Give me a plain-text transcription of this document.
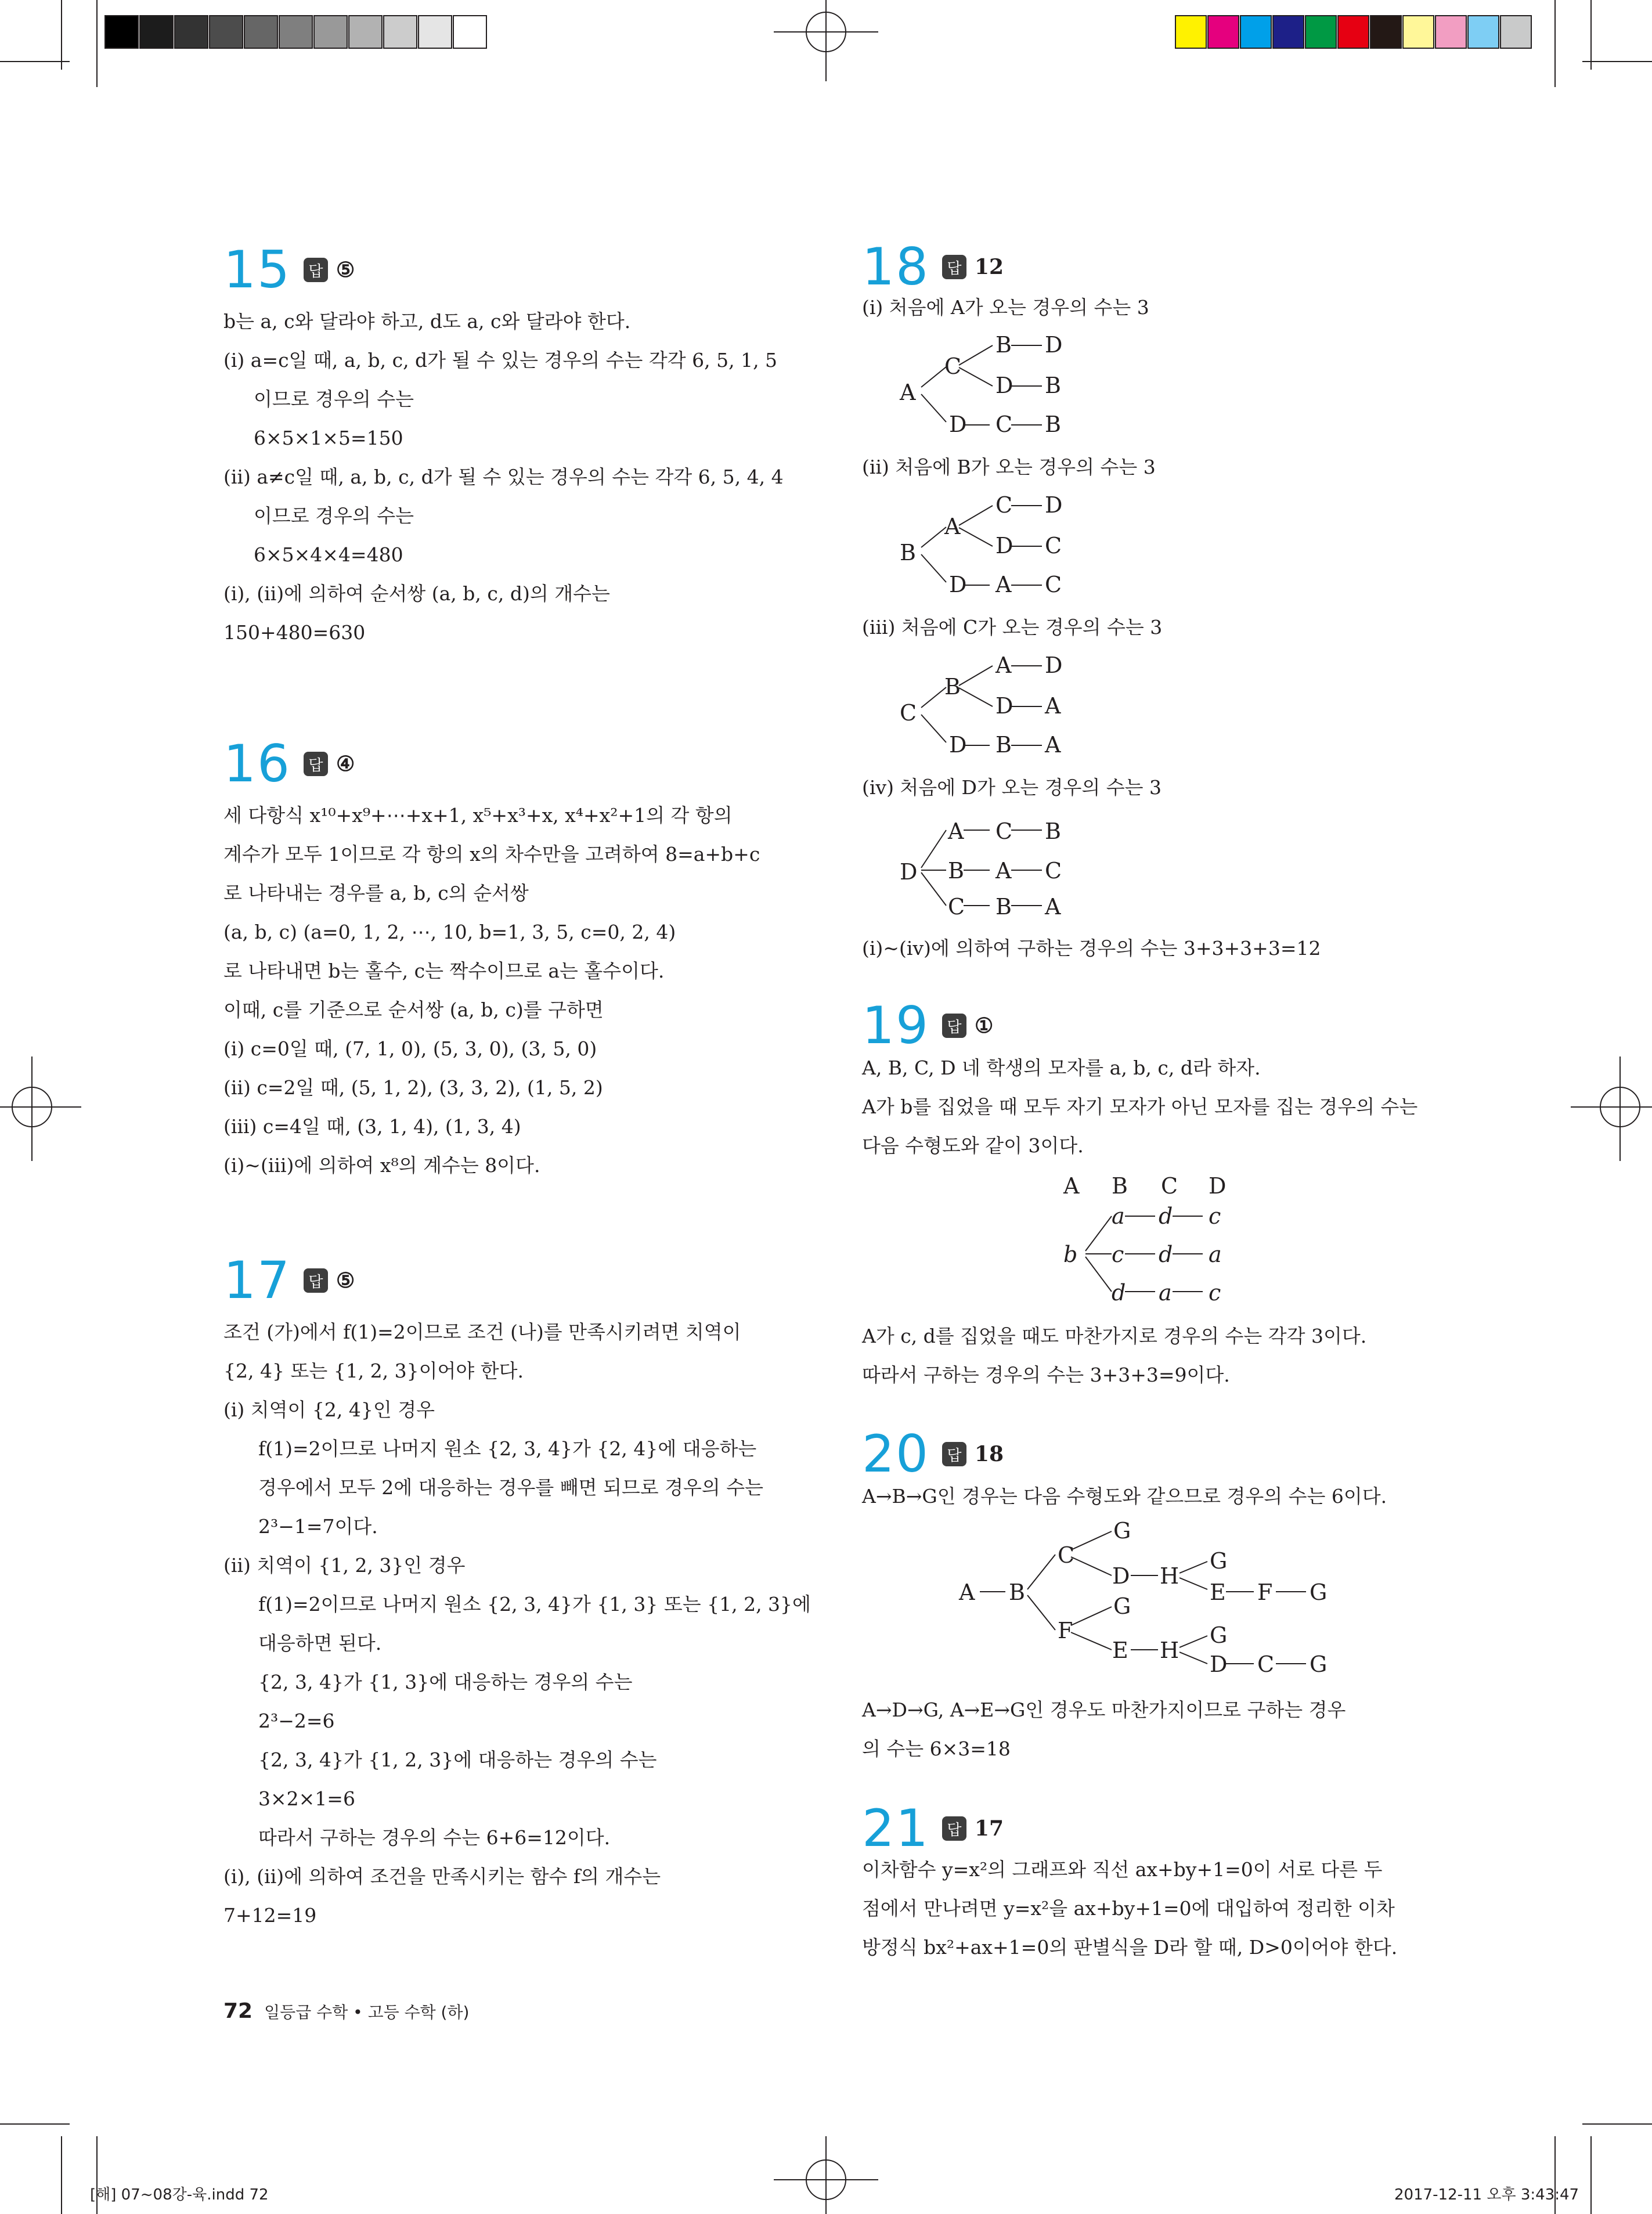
15	답 ⑤
b는 a, c와 달라야 하고, d도 a, c와 달라야 한다.
(ⅰ) a=c일 때, a, b, c, d가 될 수 있는 경우의 수는 각각 6, 5, 1, 5
이므로 경우의 수는
6×5×1×5=150
(ⅱ) a≠c일 때, a, b, c, d가 될 수 있는 경우의 수는 각각 6, 5, 4, 4
이므로 경우의 수는
6×5×4×4=480
(ⅰ), (ⅱ)에 의하여 순서쌍 (a, b, c, d)의 개수는
150+480=630
16	답 ④
세 다항식 x¹⁰+x⁹+⋯+x+1, x⁵+x³+x, x⁴+x²+1의 각 항의
계수가 모두 1이므로 각 항의 x의 차수만을 고려하여 8=a+b+c
로 나타내는 경우를 a, b, c의 순서쌍
(a, b, c) (a=0, 1, 2, ⋯, 10, b=1, 3, 5, c=0, 2, 4)
로 나타내면 b는 홀수, c는 짝수이므로 a는 홀수이다.
이때, c를 기준으로 순서쌍 (a, b, c)를 구하면
(ⅰ) c=0일 때, (7, 1, 0), (5, 3, 0), (3, 5, 0)
(ⅱ) c=2일 때, (5, 1, 2), (3, 3, 2), (1, 5, 2)
(ⅲ) c=4일 때, (3, 1, 4), (1, 3, 4)
(ⅰ)~(ⅲ)에 의하여 x⁸의 계수는 8이다.
17	답 ⑤
조건 (가)에서 f(1)=2이므로 조건 (나)를 만족시키려면 치역이
{2, 4} 또는 {1, 2, 3}이어야 한다.
(ⅰ) 치역이 {2, 4}인 경우
f(1)=2이므로 나머지 원소 {2, 3, 4}가 {2, 4}에 대응하는
경우에서 모두 2에 대응하는 경우를 빼면 되므로 경우의 수는
2³−1=7이다.
(ⅱ) 치역이 {1, 2, 3}인 경우
f(1)=2이므로 나머지 원소 {2, 3, 4}가 {1, 3} 또는 {1, 2, 3}에
대응하면 된다.
{2, 3, 4}가 {1, 3}에 대응하는 경우의 수는
2³−2=6
{2, 3, 4}가 {1, 2, 3}에 대응하는 경우의 수는
3×2×1=6
따라서 구하는 경우의 수는 6+6=12이다.
(ⅰ), (ⅱ)에 의하여 조건을 만족시키는 함수 f의 개수는
7+12=19
18	답 12
(ⅰ) 처음에 A가 오는 경우의 수는 3
A
C
B D
D B
D C B
(ⅱ) 처음에 B가 오는 경우의 수는 3
B
A
C D
D C
D A C
(ⅲ) 처음에 C가 오는 경우의 수는 3
C
B
A D
D A
D B A
(ⅳ) 처음에 D가 오는 경우의 수는 3
D
A C B
B A C
C B A
(ⅰ)~(ⅳ)에 의하여 구하는 경우의 수는 3+3+3+3=12
19	답 ①
A, B, C, D 네 학생의 모자를 a, b, c, d라 하자.
A가 b를 집었을 때 모두 자기 모자가 아닌 모자를 집는 경우의 수는
다음 수형도와 같이 3이다.
A B C D
b
a d c
c d a
d a c
A가 c, d를 집었을 때도 마찬가지로 경우의 수는 각각 3이다.
따라서 구하는 경우의 수는 3+3+3=9이다.
20	답 18
A→B→G인 경우는 다음 수형도와 같으므로 경우의 수는 6이다.
A B
C
G
D H
G
E F G
F
G
E H
G
D C G
A→D→G, A→E→G인 경우도 마찬가지이므로 구하는 경우
의 수는 6×3=18
21	답 17
이차함수 y=x²의 그래프와 직선 ax+by+1=0이 서로 다른 두
점에서 만나려면 y=x²을 ax+by+1=0에 대입하여 정리한 이차
방정식 bx²+ax+1=0의 판별식을 D라 할 때, D>0이어야 한다.
72 일등급 수학 • 고등 수학 (하)
[해] 07~08강-육.indd 72	2017-12-11 오후 3:43:47
